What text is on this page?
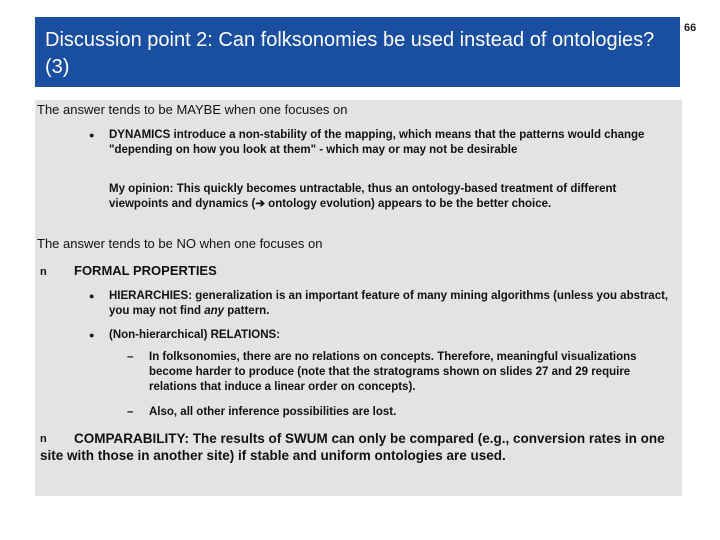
Discussion point 2: Can folksonomies be used instead of ontologies? (3)
66

The answer tends to be MAYBE when one focuses on

● DYNAMICS introduce a non-stability of the mapping, which means that the patterns would change "depending on how you look at them" - which may or may not be desirable

My opinion: This quickly becomes untractable, thus an ontology-based treatment of different viewpoints and dynamics (➔ ontology evolution) appears to be the better choice.

The answer tends to be NO when one focuses on

n FORMAL PROPERTIES

● HIERARCHIES: generalization is an important feature of many mining algorithms (unless you abstract, you may not find any pattern.

● (Non-hierarchical) RELATIONS:

– In folksonomies, there are no relations on concepts. Therefore, meaningful visualizations become harder to produce (note that the stratograms shown on slides 27 and 29 require relations that induce a linear order on concepts).

– Also, all other inference possibilities are lost.

n	COMPARABILITY: The results of SWUM can only be compared (e.g., conversion rates in one site with those in another site) if stable and uniform ontologies are used.
